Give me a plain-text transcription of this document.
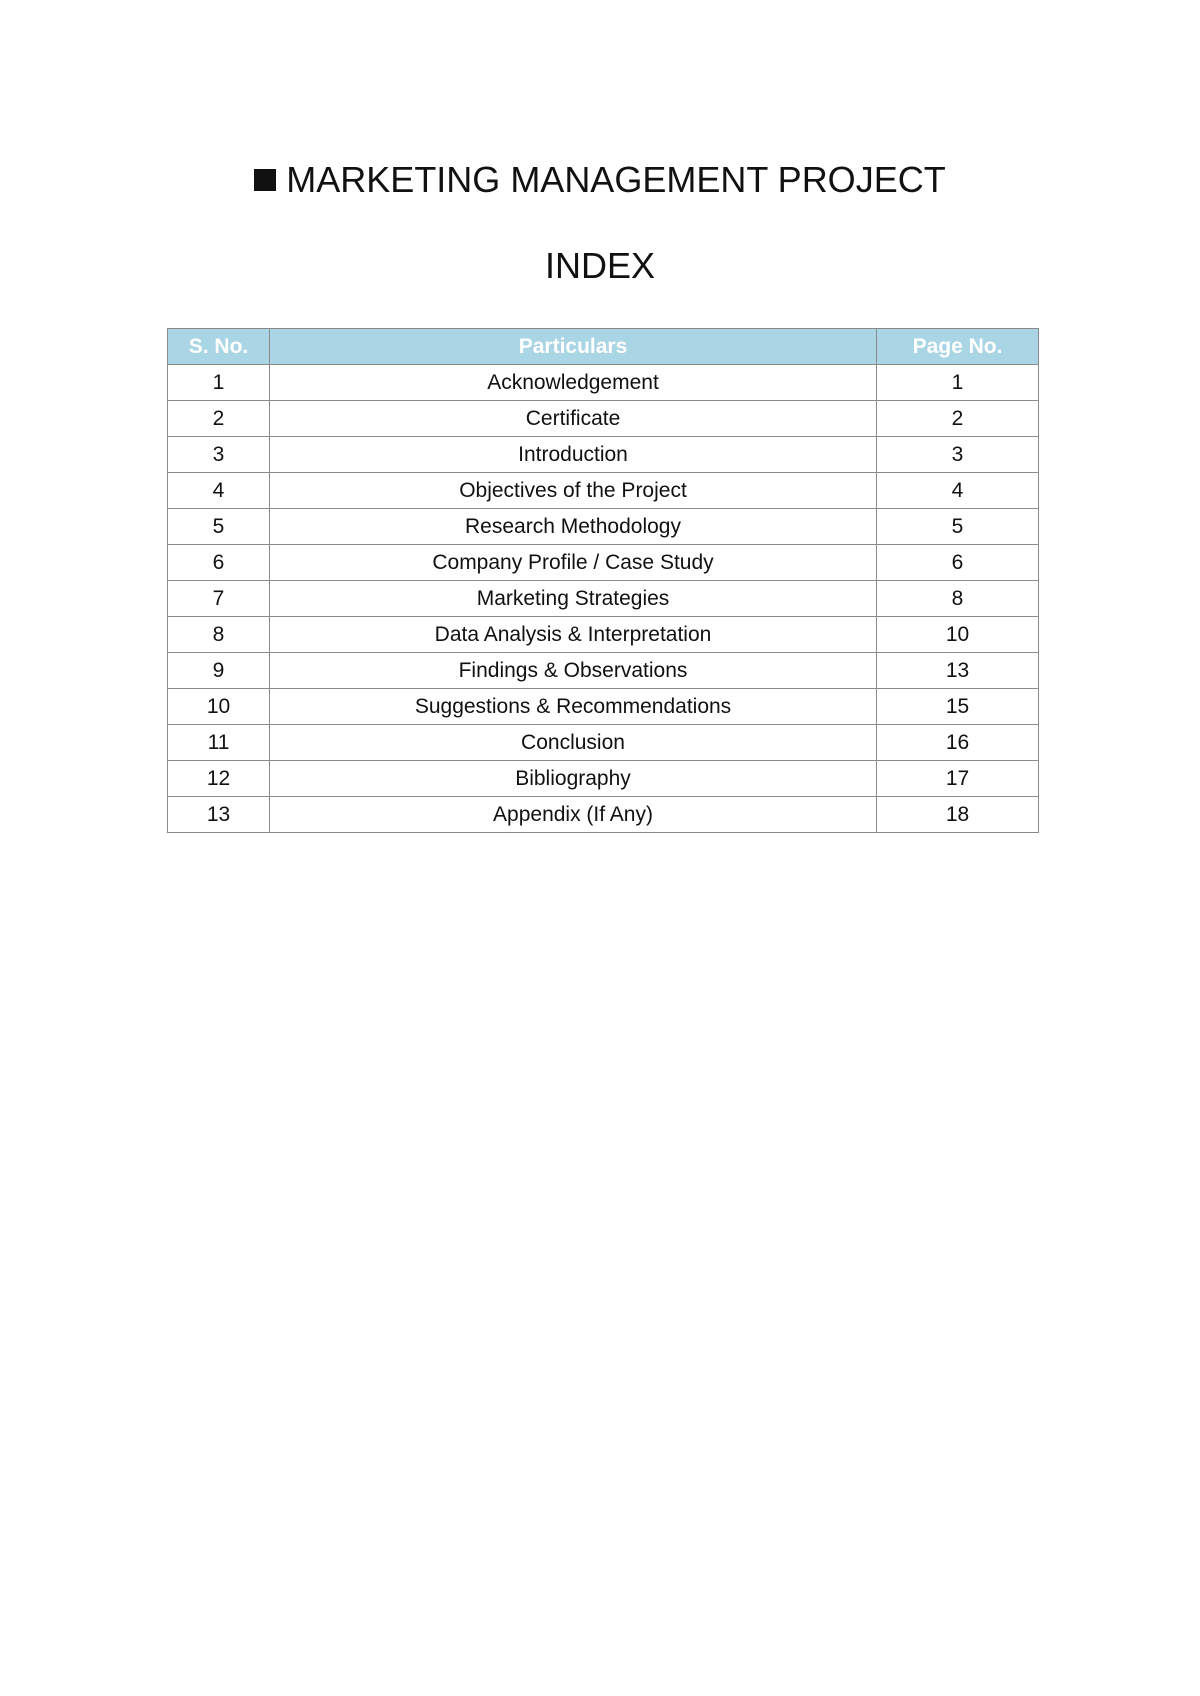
MARKETING MANAGEMENT PROJECT
INDEX
S. No.	Particulars	Page No.
1	Acknowledgement	1
2	Certificate	2
3	Introduction	3
4	Objectives of the Project	4
5	Research Methodology	5
6	Company Profile / Case Study	6
7	Marketing Strategies	8
8	Data Analysis & Interpretation	10
9	Findings & Observations	13
10	Suggestions & Recommendations	15
11	Conclusion	16
12	Bibliography	17
13	Appendix (If Any)	18
